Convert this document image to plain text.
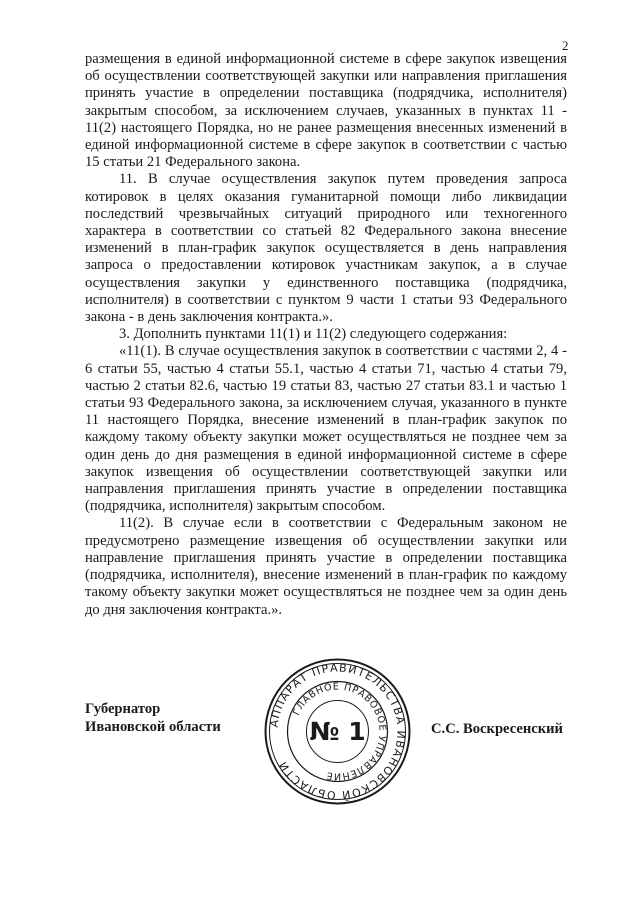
2

размещения в единой информационной системе в сфере закупок извещения об осуществлении соответствующей закупки или направления приглашения принять участие в определении поставщика (подрядчика, исполнителя) закрытым способом, за исключением случаев, указанных в пунктах 11 - 11(2) настоящего Порядка, но не ранее размещения внесенных изменений в единой информационной системе в сфере закупок в соответствии с частью 15 статьи 21 Федерального закона.

11. В случае осуществления закупок путем проведения запроса котировок в целях оказания гуманитарной помощи либо ликвидации последствий чрезвычайных ситуаций природного или техногенного характера в соответствии со статьей 82 Федерального закона внесение изменений в план-график закупок осуществляется в день направления запроса о предоставлении котировок участникам закупок, а в случае осуществления закупки у единственного поставщика (подрядчика, исполнителя) в соответствии с пунктом 9 части 1 статьи 93 Федерального закона - в день заключения контракта.».

3. Дополнить пунктами 11(1) и 11(2) следующего содержания:

«11(1). В случае осуществления закупок в соответствии с частями 2, 4 - 6 статьи 55, частью 4 статьи 55.1, частью 4 статьи 71, частью 4 статьи 79, частью 2 статьи 82.6, частью 19 статьи 83, частью 27 статьи 83.1 и частью 1 статьи 93 Федерального закона, за исключением случая, указанного в пункте 11 настоящего Порядка, внесение изменений в план-график закупок по каждому такому объекту закупки может осуществляться не позднее чем за один день до дня размещения в единой информационной системе в сфере закупок извещения об осуществлении соответствующей закупки или направления приглашения принять участие в определении поставщика (подрядчика, исполнителя) закрытым способом.

11(2). В случае если в соответствии с Федеральным законом не предусмотрено размещение извещения об осуществлении закупки или направление приглашения принять участие в определении поставщика (подрядчика, исполнителя), внесение изменений в план-график по каждому такому объекту закупки может осуществляться не позднее чем за один день до дня заключения контракта.».

Губернатор
Ивановской области	АППАРАТ ПРАВИТЕЛЬСТВА ИВАНОВСКОЙ ОБЛАСТИ
ГЛАВНОЕ ПРАВОВОЕ УПРАВЛЕНИЕ
№ 1	С.С. Воскресенский
